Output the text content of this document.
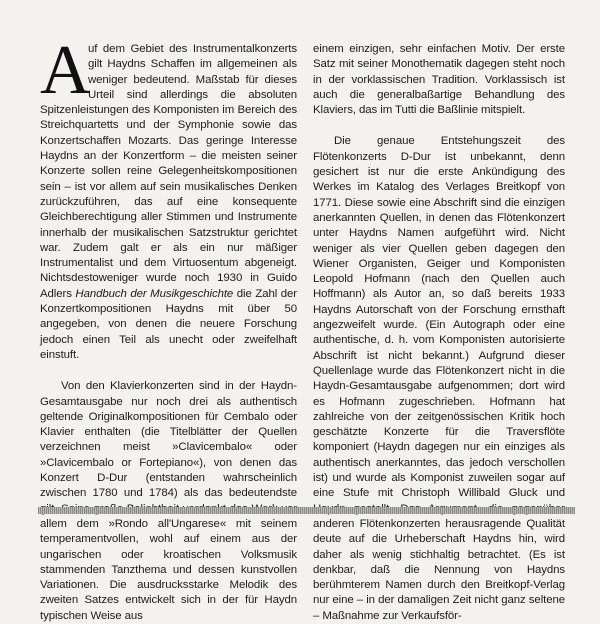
A
uf dem Gebiet des Instrumentalkonzerts gilt Haydns Schaffen im allgemeinen als weniger bedeutend. Maßstab für dieses Urteil sind allerdings die absoluten Spitzenleistungen des Komponisten im Bereich des Streichquartetts und der Symphonie sowie das Konzertschaffen Mozarts. Das geringe Interesse Haydns an der Konzertform – die meisten seiner Konzerte sollen reine Gelegenheitskompositionen sein – ist vor allem auf sein musikalisches Denken zurückzuführen, das auf eine konsequente Gleichberechtigung aller Stimmen und Instrumente innerhalb der musikalischen Satzstruktur gerichtet war. Zudem galt er als ein nur mäßiger Instrumentalist und dem Virtuosentum abgeneigt. Nichtsdestoweniger wurde noch 1930 in Guido Adlers Handbuch der Musikgeschichte die Zahl der Konzertkompositionen Haydns mit über 50 angegeben, von denen die neuere Forschung jedoch einen Teil als unecht oder zweifelhaft einstuft.

Von den Klavierkonzerten sind in der Haydn-Gesamtausgabe nur noch drei als authentisch geltende Originalkompositionen für Cembalo oder Klavier enthalten (die Titelblätter der Quellen verzeichnen meist »Clavicembalo« oder »Clavicembalo or Fortepiano«), von denen das Konzert D-Dur (entstanden wahrscheinlich zwischen 1780 und 1784) als das bedeutendste allem dem »Rondo all'Ungarese« mit seinem temperamentvollen, wohl auf einem aus der ungarischen oder kroatischen Volksmusik stammenden Tanzthema und dessen kunstvollen Variationen. Die ausdrucksstarke Melodik des zweiten Satzes entwickelt sich in der für Haydn typischen Weise aus

einem einzigen, sehr einfachen Motiv. Der erste Satz mit seiner Monothematik dagegen steht noch in der vorklassischen Tradition. Vorklassisch ist auch die generalbaßartige Behandlung des Klaviers, das im Tutti die Baßlinie mitspielt.

Die genaue Entstehungszeit des Flötenkonzerts D-Dur ist unbekannt, denn gesichert ist nur die erste Ankündigung des Werkes im Katalog des Verlages Breitkopf von 1771. Diese sowie eine Abschrift sind die einzigen anerkannten Quellen, in denen das Flötenkonzert unter Haydns Namen aufgeführt wird. Nicht weniger als vier Quellen geben dagegen den Wiener Organisten, Geiger und Komponisten Leopold Hofmann (nach den Quellen auch Hoffmann) als Autor an, so daß bereits 1933 Haydns Autorschaft von der Forschung ernsthaft angezweifelt wurde. (Ein Autograph oder eine authentische, d. h. vom Komponisten autorisierte Abschrift ist nicht bekannt.) Aufgrund dieser Quellenlage wurde das Flötenkonzert nicht in die Haydn-Gesamtausgabe aufgenommen; dort wird es Hofmann zugeschrieben. Hofmann hat zahlreiche von der zeitgenössischen Kritik hoch geschätzte Konzerte für die Traversflöte komponiert (Haydn dagegen nur ein einziges als authentisch anerkanntes, das jedoch verschollen ist) und wurde als Komponist zuweilen sogar auf eine Stufe mit Christoph Willibald Gluck und anderen Flötenkonzerten herausragende Qualität deute auf die Urheberschaft Haydns hin, wird daher als wenig stichhaltig betrachtet. (Es ist denkbar, daß die Nennung von Haydns berühmterem Namen durch den Breitkopf-Verlag nur eine – in der damaligen Zeit nicht ganz seltene – Maßnahme zur Verkaufsför-
